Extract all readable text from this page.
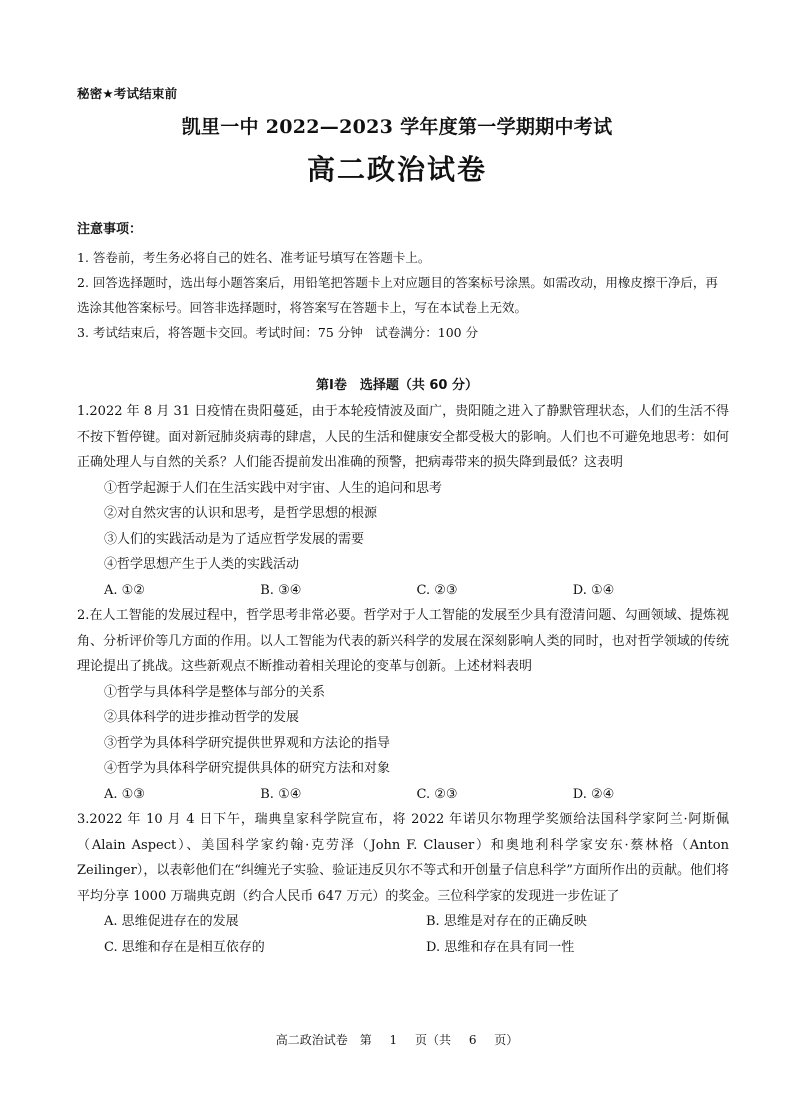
秘密★考试结束前
凯里一中 2022—2023 学年度第一学期期中考试
高二政治试卷
注意事项：
1. 答卷前，考生务必将自己的姓名、准考证号填写在答题卡上。
2. 回答选择题时，选出每小题答案后，用铅笔把答题卡上对应题目的答案标号涂黑。如需改动，用橡皮擦干净后，再选涂其他答案标号。回答非选择题时，将答案写在答题卡上，写在本试卷上无效。
3. 考试结束后，将答题卡交回。考试时间：75 分钟　试卷满分：100 分
第Ⅰ卷　选择题（共 60 分）
1.2022 年 8 月 31 日疫情在贵阳蔓延，由于本轮疫情波及面广，贵阳随之进入了静默管理状态，人们的生活不得不按下暂停键。面对新冠肺炎病毒的肆虐，人民的生活和健康安全都受极大的影响。人们也不可避免地思考：如何正确处理人与自然的关系？人们能否提前发出准确的预警，把病毒带来的损失降到最低？这表明
①哲学起源于人们在生活实践中对宇宙、人生的追问和思考
②对自然灾害的认识和思考，是哲学思想的根源
③人们的实践活动是为了适应哲学发展的需要
④哲学思想产生于人类的实践活动
A. ①②	B. ③④	C. ②③	D. ①④
2.在人工智能的发展过程中，哲学思考非常必要。哲学对于人工智能的发展至少具有澄清问题、勾画领域、提炼视角、分析评价等几方面的作用。以人工智能为代表的新兴科学的发展在深刻影响人类的同时，也对哲学领域的传统理论提出了挑战。这些新观点不断推动着相关理论的变革与创新。上述材料表明
①哲学与具体科学是整体与部分的关系
②具体科学的进步推动哲学的发展
③哲学为具体科学研究提供世界观和方法论的指导
④哲学为具体科学研究提供具体的研究方法和对象
A. ①③	B. ①④	C. ②③	D. ②④
3.2022 年 10 月 4 日下午，瑞典皇家科学院宣布，将 2022 年诺贝尔物理学奖颁给法国科学家阿兰·阿斯佩（Alain Aspect）、美国科学家约翰·克劳泽（John F. Clauser）和奥地利科学家安东·蔡林格（Anton Zeilinger），以表彰他们在“纠缠光子实验、验证违反贝尔不等式和开创量子信息科学”方面所作出的贡献。他们将平均分享 1000 万瑞典克朗（约合人民币 647 万元）的奖金。三位科学家的发现进一步佐证了
A. 思维促进存在的发展	B. 思维是对存在的正确反映
C. 思维和存在是相互依存的	D. 思维和存在具有同一性
高二政治试卷　第 1 页（共 6 页）
